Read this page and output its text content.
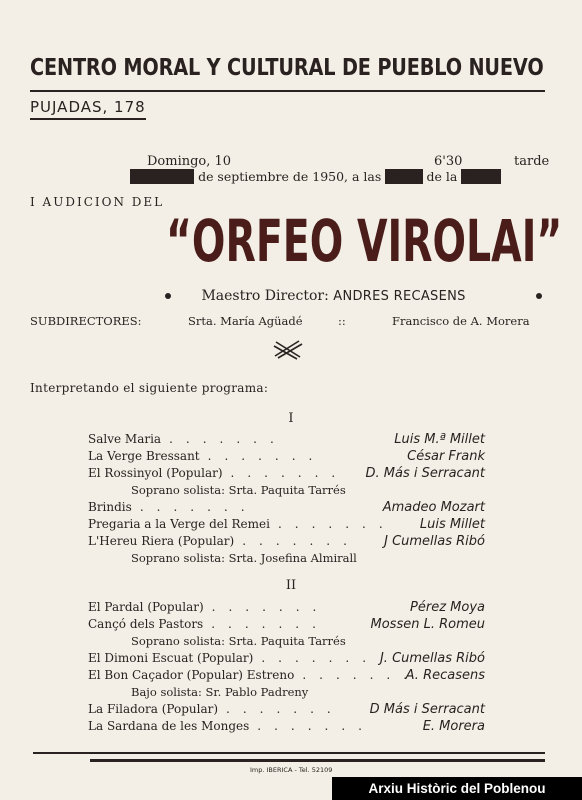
CENTRO MORAL Y CULTURAL DE PUEBLO NUEVO
PUJADAS, 178
Domingo, 10	6'30	tarde
Lunes, 11 de septiembre de 1950, a las 10'30 de la noche
I AUDICION DEL
“ORFEO VIROLAI”
Maestro Director: ANDRES RECASENS
SUBDIRECTORES:	Srta. María Agüadé	::	Francisco de A. Morera
Interpretando el siguiente programa:
I
Salve Maria	Luis M.ª Millet
.......
La Verge Bressant	César Frank
.......
El Rossinyol (Popular)	D. Más i Serracant
.......
Soprano solista: Srta. Paquita Tarrés
Brindis	Amadeo Mozart
.......
Pregaria a la Verge del Remei	Luis Millet
.......
L'Hereu Riera (Popular)	J Cumellas Ribó
.......
Soprano solista: Srta. Josefina Almirall
II
El Pardal (Popular)	Pérez Moya
.......
Cançó dels Pastors	Mossen L. Romeu
.......
Soprano solista: Srta. Paquita Tarrés
El Dimoni Escuat (Popular)	J. Cumellas Ribó
.......
El Bon Caçador (Popular) Estreno	A. Recasens
.......
Bajo solista: Sr. Pablo Padreny
La Filadora (Popular)	D Más i Serracant
.......
La Sardana de les Monges	E. Morera
.......
Imp. IBERICA - Tel. 52109
Arxiu Històric del Poblenou
